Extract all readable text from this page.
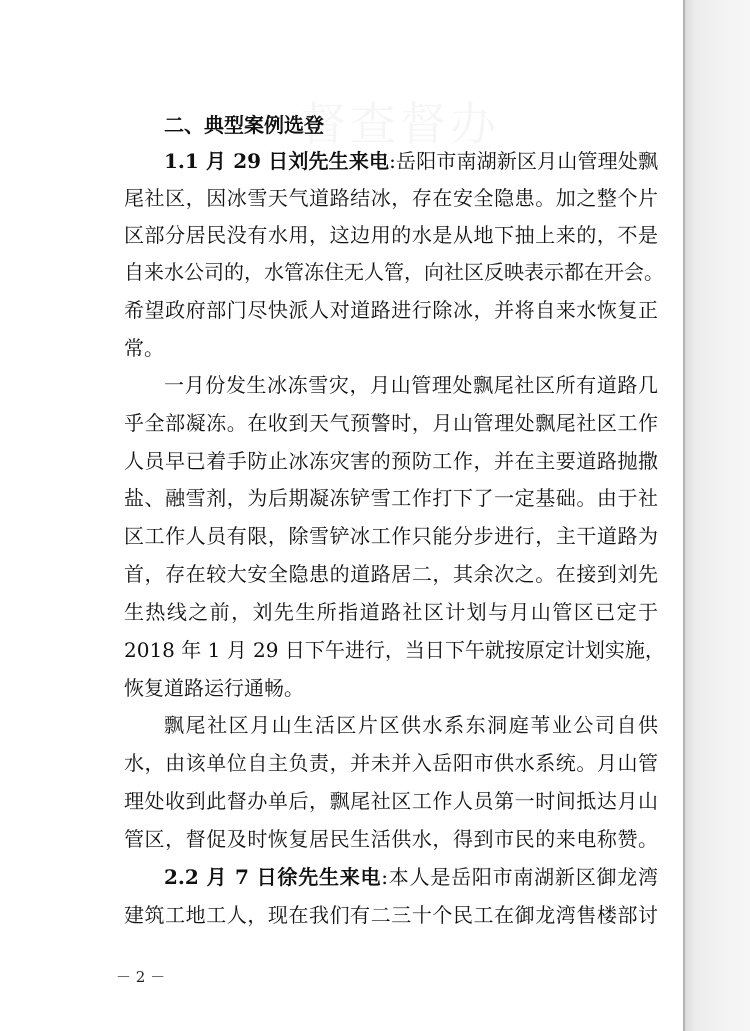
二、典型案例选登

1.1 月 29 日刘先生来电:岳阳市南湖新区月山管理处飘

尾社区，因冰雪天气道路结冰，存在安全隐患。加之整个片

区部分居民没有水用，这边用的水是从地下抽上来的，不是

自来水公司的，水管冻住无人管，向社区反映表示都在开会。

希望政府部门尽快派人对道路进行除冰，并将自来水恢复正

常。

一月份发生冰冻雪灾，月山管理处飘尾社区所有道路几

乎全部凝冻。在收到天气预警时，月山管理处飘尾社区工作

人员早已着手防止冰冻灾害的预防工作，并在主要道路抛撒

盐、融雪剂，为后期凝冻铲雪工作打下了一定基础。由于社

区工作人员有限，除雪铲冰工作只能分步进行，主干道路为

首，存在较大安全隐患的道路居二，其余次之。在接到刘先

生热线之前，刘先生所指道路社区计划与月山管区已定于

2018 年 1 月 29 日下午进行，当日下午就按原定计划实施，

恢复道路运行通畅。

飘尾社区月山生活区片区供水系东洞庭苇业公司自供

水，由该单位自主负责，并未并入岳阳市供水系统。月山管

理处收到此督办单后，飘尾社区工作人员第一时间抵达月山

管区，督促及时恢复居民生活供水，得到市民的来电称赞。

2.2 月 7 日徐先生来电:本人是岳阳市南湖新区御龙湾

建筑工地工人，现在我们有二三十个民工在御龙湾售楼部讨

－ 2 －
